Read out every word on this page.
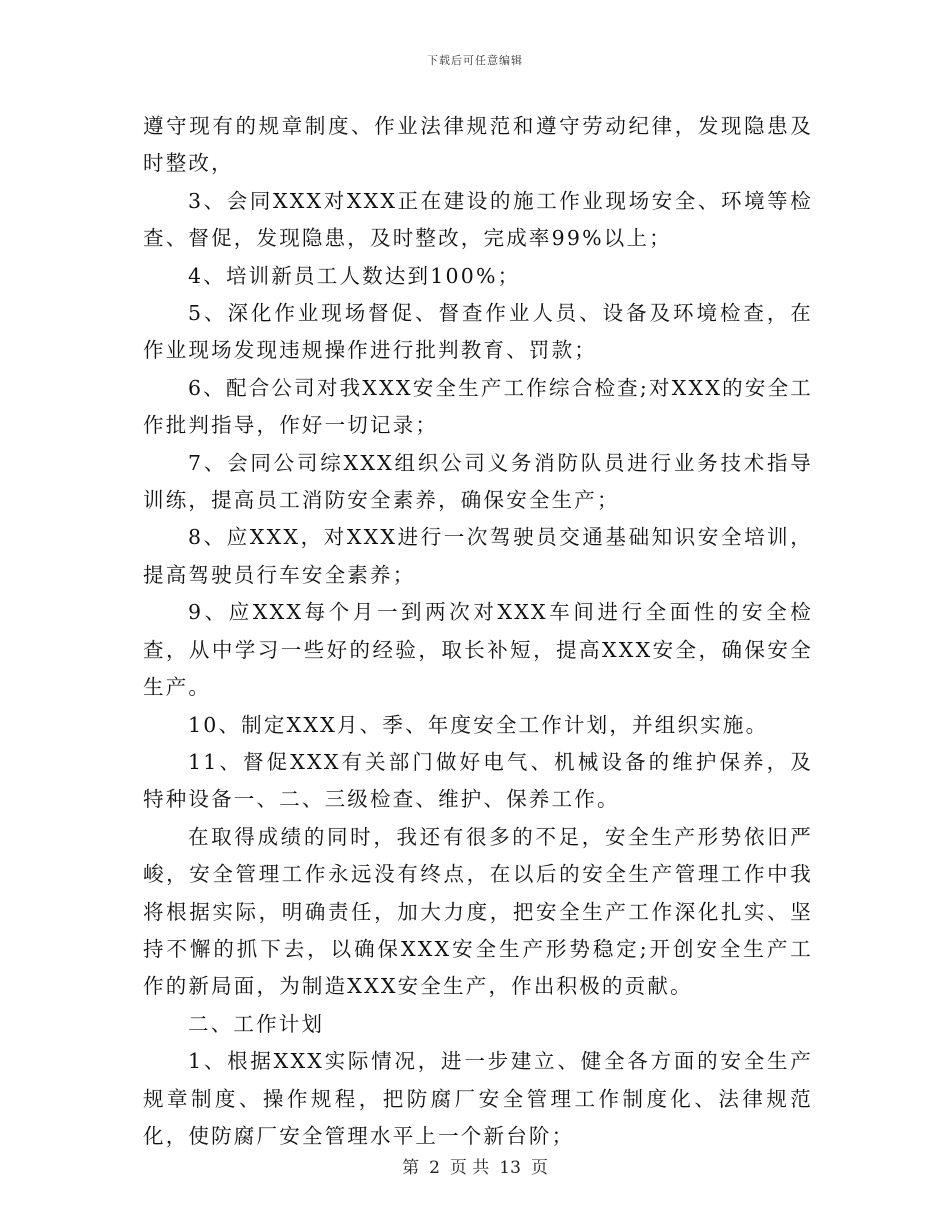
下载后可任意编辑

遵守现有的规章制度、作业法律规范和遵守劳动纪律，发现隐患及时整改，

3、会同XXX对XXX正在建设的施工作业现场安全、环境等检查、督促，发现隐患，及时整改，完成率99%以上；

4、培训新员工人数达到100%；

5、深化作业现场督促、督查作业人员、设备及环境检查，在作业现场发现违规操作进行批判教育、罚款；

6、配合公司对我XXX安全生产工作综合检查;对XXX的安全工作批判指导，作好一切记录；

7、会同公司综XXX组织公司义务消防队员进行业务技术指导训练，提高员工消防安全素养，确保安全生产；

8、应XXX，对XXX进行一次驾驶员交通基础知识安全培训，提高驾驶员行车安全素养；

9、应XXX每个月一到两次对XXX车间进行全面性的安全检查，从中学习一些好的经验，取长补短，提高XXX安全，确保安全生产。

10、制定XXX月、季、年度安全工作计划，并组织实施。

11、督促XXX有关部门做好电气、机械设备的维护保养，及特种设备一、二、三级检查、维护、保养工作。

在取得成绩的同时，我还有很多的不足，安全生产形势依旧严峻，安全管理工作永远没有终点，在以后的安全生产管理工作中我将根据实际，明确责任，加大力度，把安全生产工作深化扎实、坚持不懈的抓下去，以确保XXX安全生产形势稳定;开创安全生产工作的新局面，为制造XXX安全生产，作出积极的贡献。

二、工作计划

1、根据XXX实际情况，进一步建立、健全各方面的安全生产规章制度、操作规程，把防腐厂安全管理工作制度化、法律规范化，使防腐厂安全管理水平上一个新台阶；

第 2 页 共 13 页
